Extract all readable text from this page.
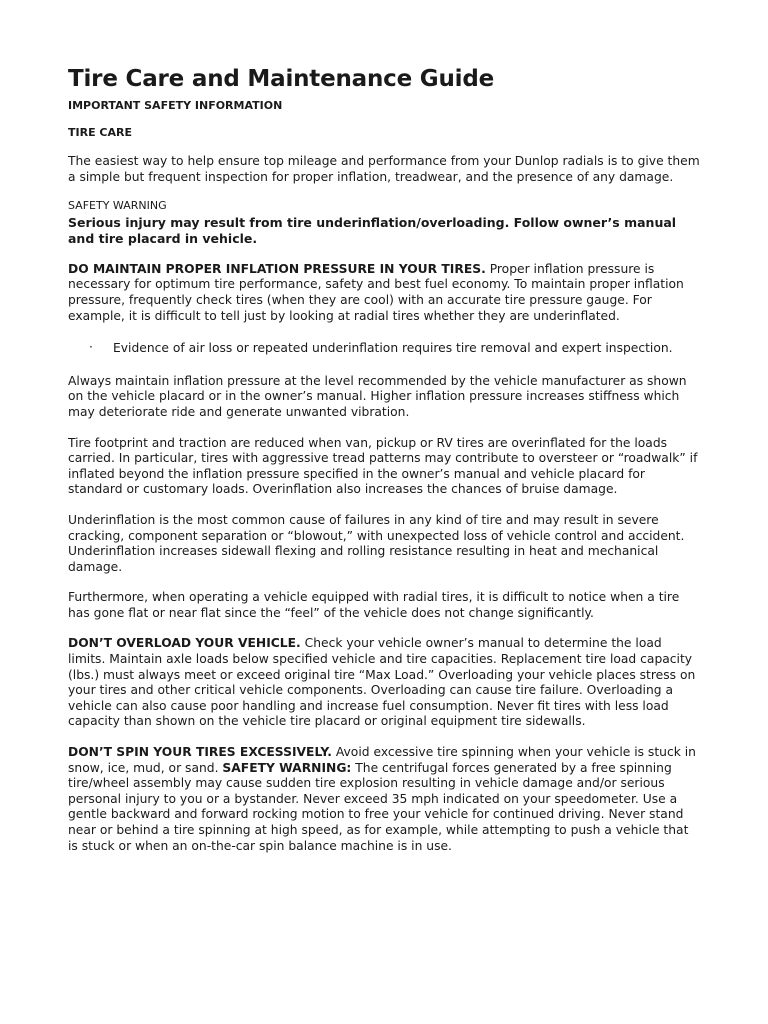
Tire Care and Maintenance Guide
IMPORTANT SAFETY INFORMATION
TIRE CARE

The easiest way to help ensure top mileage and performance from your Dunlop radials is to give them a simple but frequent inspection for proper inflation, treadwear, and the presence of any damage.

SAFETY WARNING

Serious injury may result from tire underinflation/overloading. Follow owner’s manual and tire placard in vehicle.

DO MAINTAIN PROPER INFLATION PRESSURE IN YOUR TIRES. Proper inflation pressure is necessary for optimum tire performance, safety and best fuel economy. To maintain proper inflation pressure, frequently check tires (when they are cool) with an accurate tire pressure gauge. For example, it is difficult to tell just by looking at radial tires whether they are underinflated.

· Evidence of air loss or repeated underinflation requires tire removal and expert inspection.

Always maintain inflation pressure at the level recommended by the vehicle manufacturer as shown on the vehicle placard or in the owner’s manual. Higher inflation pressure increases stiffness which may deteriorate ride and generate unwanted vibration.

Tire footprint and traction are reduced when van, pickup or RV tires are overinflated for the loads carried. In particular, tires with aggressive tread patterns may contribute to oversteer or “roadwalk” if inflated beyond the inflation pressure specified in the owner’s manual and vehicle placard for standard or customary loads. Overinflation also increases the chances of bruise damage.

Underinflation is the most common cause of failures in any kind of tire and may result in severe cracking, component separation or “blowout,” with unexpected loss of vehicle control and accident. Underinflation increases sidewall flexing and rolling resistance resulting in heat and mechanical damage.

Furthermore, when operating a vehicle equipped with radial tires, it is difficult to notice when a tire has gone flat or near flat since the “feel” of the vehicle does not change significantly.

DON’T OVERLOAD YOUR VEHICLE. Check your vehicle owner’s manual to determine the load limits. Maintain axle loads below specified vehicle and tire capacities. Replacement tire load capacity (lbs.) must always meet or exceed original tire “Max Load.” Overloading your vehicle places stress on your tires and other critical vehicle components. Overloading can cause tire failure. Overloading a vehicle can also cause poor handling and increase fuel consumption. Never fit tires with less load capacity than shown on the vehicle tire placard or original equipment tire sidewalls.

DON’T SPIN YOUR TIRES EXCESSIVELY. Avoid excessive tire spinning when your vehicle is stuck in snow, ice, mud, or sand. SAFETY WARNING: The centrifugal forces generated by a free spinning tire/wheel assembly may cause sudden tire explosion resulting in vehicle damage and/or serious personal injury to you or a bystander. Never exceed 35 mph indicated on your speedometer. Use a gentle backward and forward rocking motion to free your vehicle for continued driving. Never stand near or behind a tire spinning at high speed, as for example, while attempting to push a vehicle that is stuck or when an on-the-car spin balance machine is in use.
